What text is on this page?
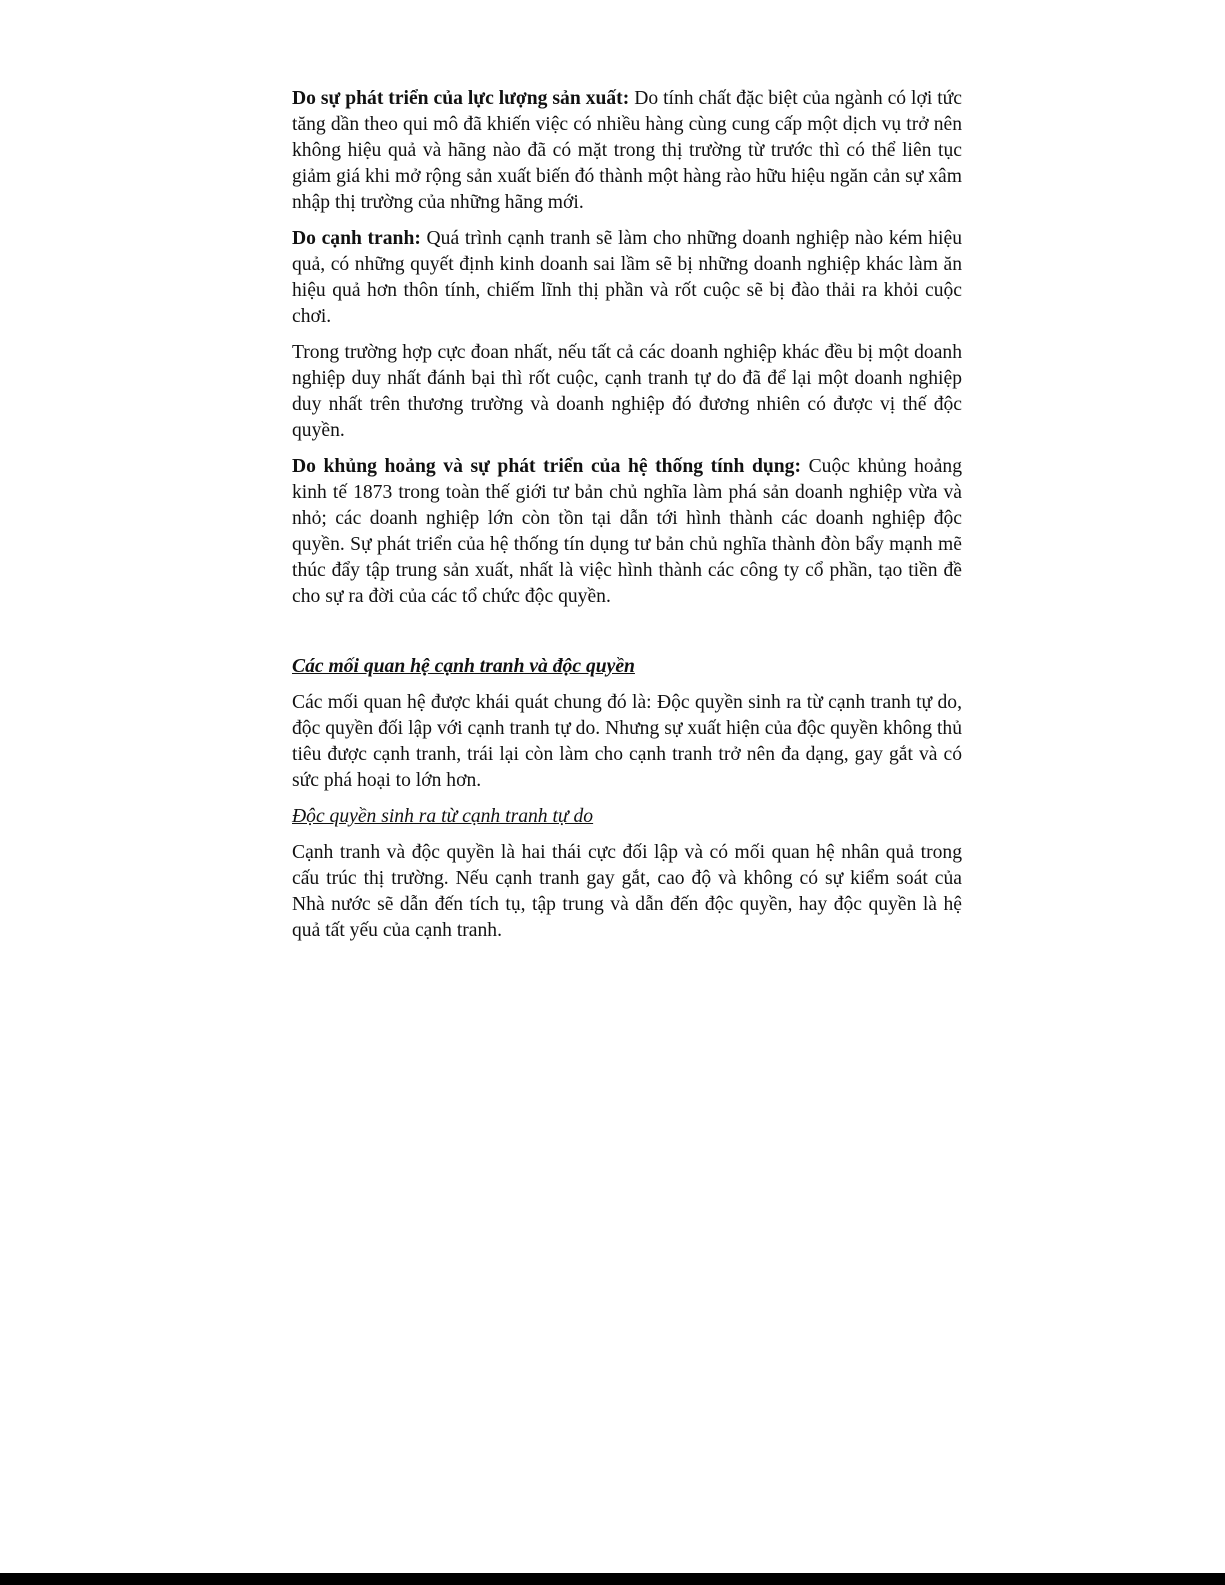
Do sự phát triển của lực lượng sản xuất: Do tính chất đặc biệt của ngành có lợi tức tăng dần theo qui mô đã khiến việc có nhiều hàng cùng cung cấp một dịch vụ trở nên không hiệu quả và hãng nào đã có mặt trong thị trường từ trước thì có thể liên tục giảm giá khi mở rộng sản xuất biến đó thành một hàng rào hữu hiệu ngăn cản sự xâm nhập thị trường của những hãng mới.

Do cạnh tranh: Quá trình cạnh tranh sẽ làm cho những doanh nghiệp nào kém hiệu quả, có những quyết định kinh doanh sai lầm sẽ bị những doanh nghiệp khác làm ăn hiệu quả hơn thôn tính, chiếm lĩnh thị phần và rốt cuộc sẽ bị đào thải ra khỏi cuộc chơi.

Trong trường hợp cực đoan nhất, nếu tất cả các doanh nghiệp khác đều bị một doanh nghiệp duy nhất đánh bại thì rốt cuộc, cạnh tranh tự do đã để lại một doanh nghiệp duy nhất trên thương trường và doanh nghiệp đó đương nhiên có được vị thế độc quyền.

Do khủng hoảng và sự phát triển của hệ thống tính dụng: Cuộc khủng hoảng kinh tế 1873 trong toàn thế giới tư bản chủ nghĩa làm phá sản doanh nghiệp vừa và nhỏ; các doanh nghiệp lớn còn tồn tại dẫn tới hình thành các doanh nghiệp độc quyền. Sự phát triển của hệ thống tín dụng tư bản chủ nghĩa thành đòn bẩy mạnh mẽ thúc đẩy tập trung sản xuất, nhất là việc hình thành các công ty cổ phần, tạo tiền đề cho sự ra đời của các tổ chức độc quyền.

Các mối quan hệ cạnh tranh và độc quyền

Các mối quan hệ được khái quát chung đó là: Độc quyền sinh ra từ cạnh tranh tự do, độc quyền đối lập với cạnh tranh tự do. Nhưng sự xuất hiện của độc quyền không thủ tiêu được cạnh tranh, trái lại còn làm cho cạnh tranh trở nên đa dạng, gay gắt và có sức phá hoại to lớn hơn.

Độc quyền sinh ra từ cạnh tranh tự do

Cạnh tranh và độc quyền là hai thái cực đối lập và có mối quan hệ nhân quả trong cấu trúc thị trường. Nếu cạnh tranh gay gắt, cao độ và không có sự kiểm soát của Nhà nước sẽ dẫn đến tích tụ, tập trung và dẫn đến độc quyền, hay độc quyền là hệ quả tất yếu của cạnh tranh.
